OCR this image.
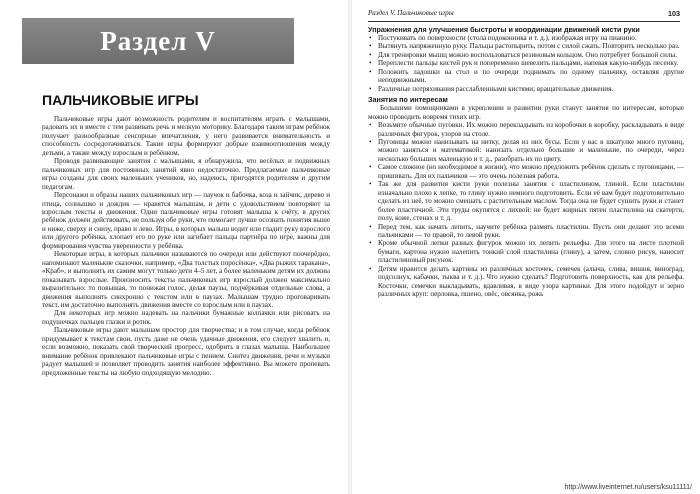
Раздел V
ПАЛЬЧИКОВЫЕ ИГРЫ

Пальчиковые игры дают возможность родителям и воспитателям играть с малышами, радовать их и вместе с тем развивать речь и мелкую моторику. Благодаря таким играм ребёнок получает разнообразные сенсорные впечатления, у него развивается внимательность и способность сосредотачиваться. Такие игры формируют добрые взаимоотношения между детьми, а также между взрослым и ребёнком.

Проводя развивающие занятия с малышами, я обнаружила, что весёлых и подвижных пальчиковых игр для постоянных занятий явно недостаточно. Предлагаемые пальчиковые игры созданы для своих маленьких учеников, но, надеюсь, пригодятся родителям и другим педагогам.

Персонажи и образы наших пальчиковых игр — паучок и бабочка, коза и зайчик, дерево и птица, солнышко и дождик — нравятся малышам, и дети с удовольствием повторяют за взрослым тексты и движения. Одни пальчиковые игры готовят малыша к счёту, в других ребёнок должен действовать, не пользуя обе руки, что помогает лучше осознать понятия выше и ниже, сверху и снизу, право и лево. Игры, в которых малыш водит или гладит руку взрослого или другого ребёнка, хлопает его по руке или загибает пальцы партнёра по игре, важны для формирования чувства уверенности у ребёнка.

Некоторые игры, в которых пальчики называются по очереди или действуют поочерёдно, напоминают маленькие сказочки, например, «Два толстых поросёнка», «Два рыжих таракана», «Краб», и выполнять их самим могут только дети 4–5 лет, а более маленьким детям их должны показывать взрослые. Произносить тексты пальчиковых игр взрослый должен максимально выразительно: то повышая, то понижая голос, делая паузы, подчёркивая отдельные слова, а движения выполнять синхронно с текстом или в паузах. Малышам трудно проговаривать текст, им достаточно выполнять движения вместе со взрослым или в паузах.

Для некоторых игр можно надевать на пальчики бумажные колпачки или рисовать на подушечках пальцев глазки и ротик.

Пальчиковые игры дают малышам простор для творчества; и в том случае, когда ребёнок придумывает к текстам свои, пусть даже не очень удачные движения, его следует хвалить и, если возможно, показать свой творческий прогресс, одобрить в глазах малыша. Наибольшее внимание ребёнок привлекают пальчиковые игры с пением. Синтез движения, речи и музыки радует малышей и позволяет проводить занятия наиболее эффективно. Вы можете пропевать предложенные тексты на любую подходящую мелодию.

Раздел V. Пальчиковые игры	103

Упражнения для улучшения быстроты и координации движений кисти руки

• Постукивать по поверхности (стола подоконника и т. д.), изображая игру на пианино.
• Вытянуть напряженную руку. Пальцы растопырить, потом с силой сжать. Повторить несколько раз.
• Для тренировки мышц можно воспользоваться резиновым кольцом. Оно потребует большой силы.
• Переплести пальцы кистей рук и попеременно шевелить пальцами, напевая какую-нибудь песенку.
• Положить ладошки на стол и по очереди поднимать по одному пальчику, оставляя другие неподвижными.
• Различные потряхивания расслабленными кистями; вращательные движения.

Занятия по интересам

Большими помощниками в укреплении и развитии руки станут занятия по интересам, которые можно проводить вовремя тихих игр.

• Возьмите обычные пуговки. Их можно перекладывать из коробочки в коробку, раскладывать в виде различных фигурок, узоров на столе.
• Пуговицы можно нанизывать на нитку, делая из них бусы. Если у вас в шкатулке много пуговиц, можно заняться и математикой: нанизать отдельно большие и маленькие, по очереди, через несколько больших маленькую и т. д., разобрать их по цвету.
• Самое сложное (но необходимое в жизни), что можно предложить ребёнок сделать с пуговицами, — пришивать. Для их пальчиков — это очень полезная работа.
• Так же для развития кисти руки полезны занятия с пластилином, глиной. Если пластилин изначально плохо к лепке, то глину нужно немного подготовить. Если её вам будет подготовительно сделать из неё, то можно смешать с растительным маслом. Тогда она не будет сушить руки и станет более пластичной. Эти труды окупятся с лихвой: не будет жирных пятен пластилина на скатерти, полу, коже, стенах и т. д.
• Перед тем, как начать лепить, научите ребёнка размять пластилин. Пусть они делают это всеми пальчиками — то правой, то левой руки.
• Кроме обычной лепки разных фигурок можно их лепить рельефы. Для этого на листе плотной бумаги, картона нужно налепить тонкий слой пластилина (глину), а затем, словно рисуя, наносит пластилиновый рисунок.
• Детям нравится делать картины из различных косточек, семечек (алыча, слива, вишня, виноград, подсолнух, кабачки, тыква и т. д.). Что нужно сделать? Подготовить поверхность, как для рельефа. Косточки, семечки выкладывать, вдавливая, в виде узора картинки. Для этого подойдут и зерно различных круп: перловка, пшено, овёс, овсянка, рожь
http://www.liveinternet.ru/users/ksu11111/
